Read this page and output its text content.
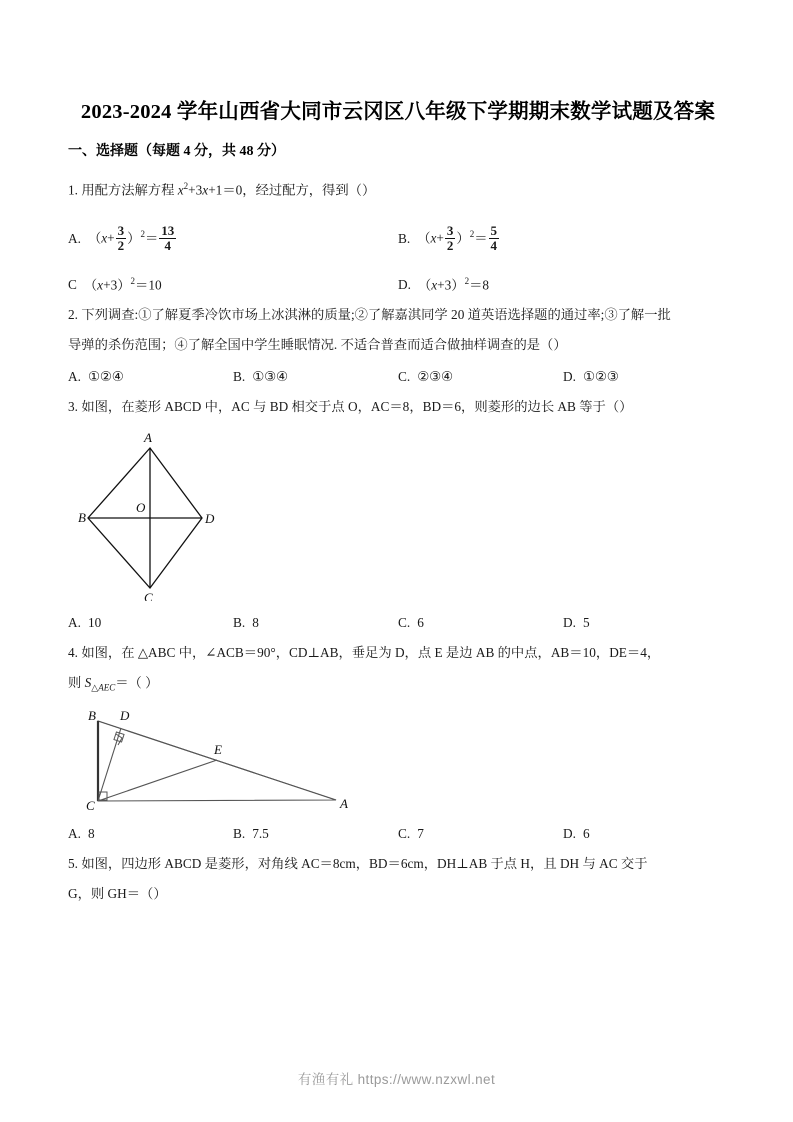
2023-2024 学年山西省大同市云冈区八年级下学期期末数学试题及答案
一、选择题（每题 4 分，共 48 分）
1. 用配方法解方程 $x^2+3x+1=0$，经过配方，得到（）
A. $(x+ \frac{3}{2} )^2= \frac{13}{4}$	B. $(x+ \frac{3}{2} )^2= \frac{5}{4}$
C $(x+3)^2=10$	D. $(x+3)^2=8$
2. 下列调查:①了解夏季冷饮市场上冰淇淋的质量;②了解嘉淇同学 20 道英语选择题的通过率;③了解一批
导弹的杀伤范围；④了解全国中学生睡眠情况. 不适合普查而适合做抽样调查的是（）
A. ①②④	B. ①③④	C. ②③④	D. ①②③
3. 如图，在菱形 ABCD 中，AC 与 BD 相交于点 O，AC＝8，BD＝6，则菱形的边长 AB 等于（）
A
B
C
D
O
A. 10	B. 8	C. 6	D. 5
4. 如图，在 △ABC 中，∠ACB＝90°，CD⊥AB，垂足为 D，点 E 是边 AB 的中点，AB＝10，DE＝4，
则 $S_{\triangle AEC}=$（ ）
B
C	A
D
E
A. 8	B. 7.5	C. 7	D. 6
5. 如图，四边形 ABCD 是菱形，对角线 AC＝8cm，BD＝6cm，DH⊥AB 于点 H，且 DH 与 AC 交于
G，则 GH＝（）
有渔有礼 https://www.nzxwl.net
